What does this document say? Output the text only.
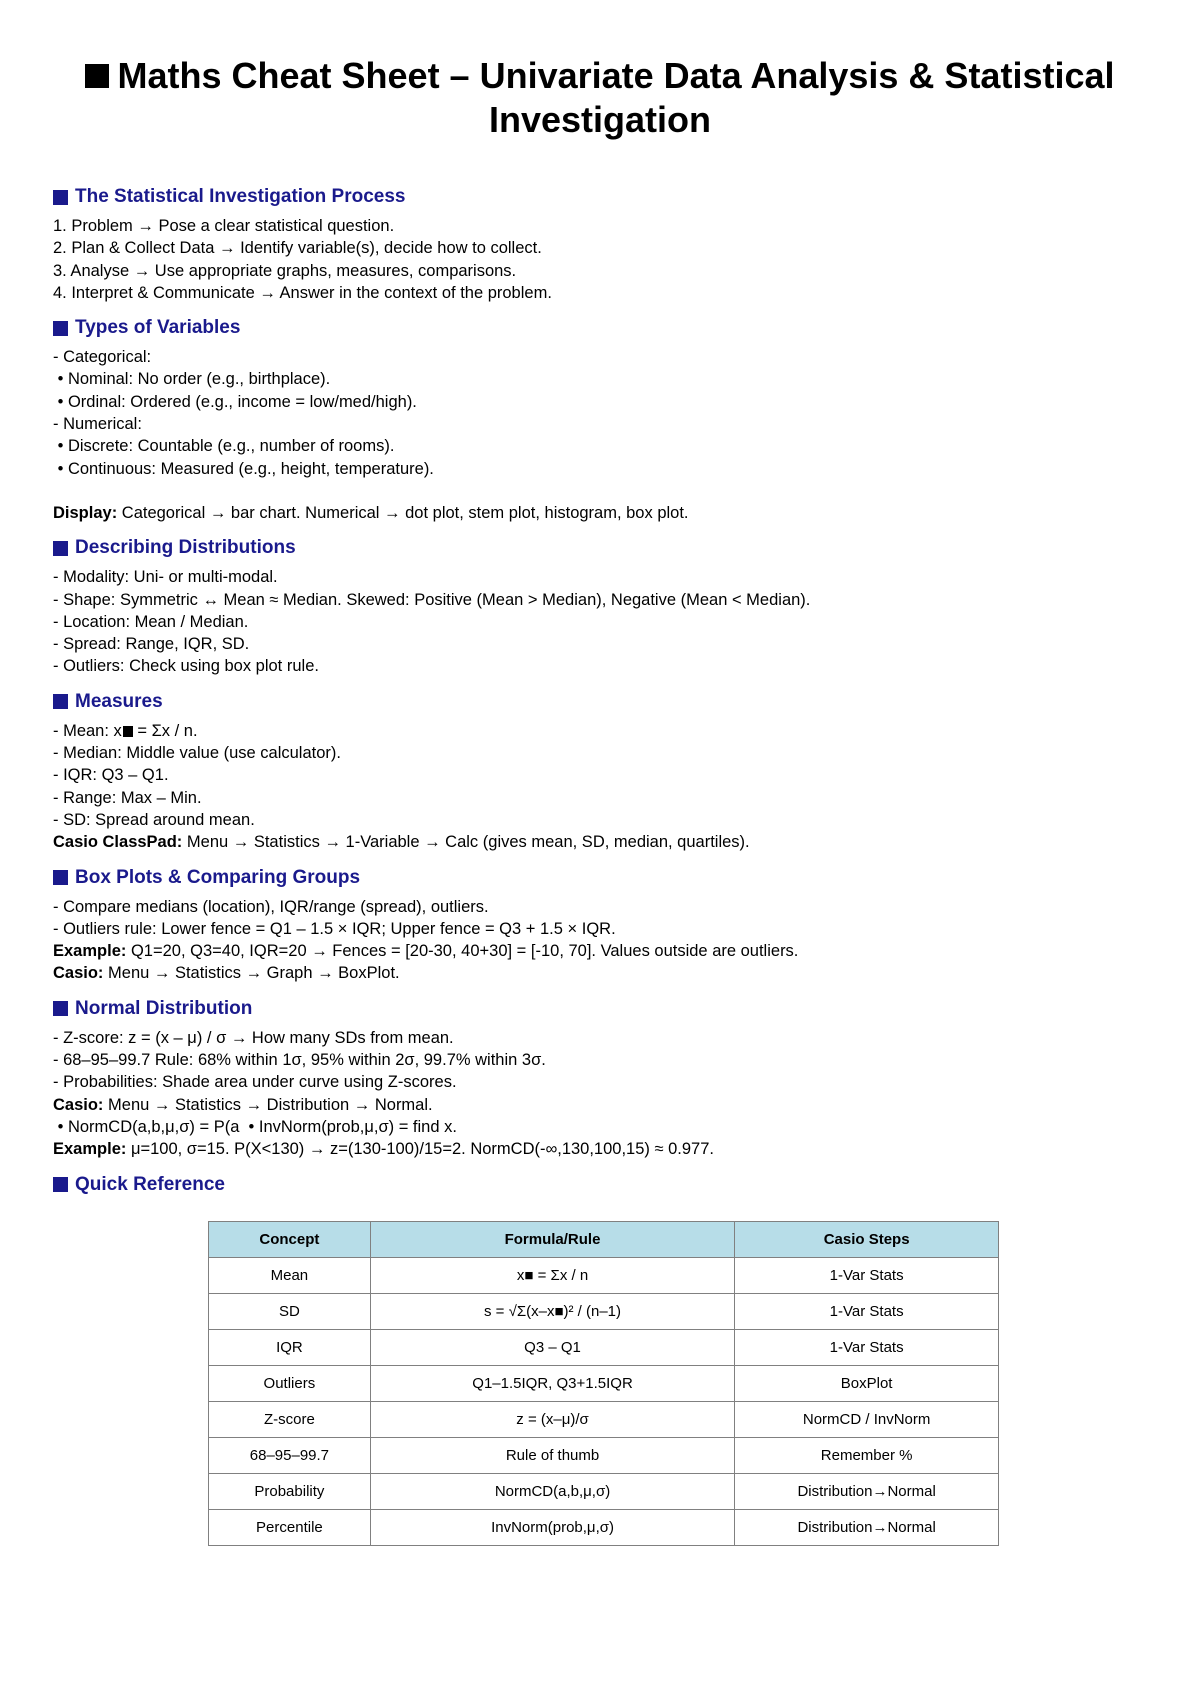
Maths Cheat Sheet – Univariate Data Analysis & Statistical Investigation
The Statistical Investigation Process
1. Problem → Pose a clear statistical question.
2. Plan & Collect Data → Identify variable(s), decide how to collect.
3. Analyse → Use appropriate graphs, measures, comparisons.
4. Interpret & Communicate → Answer in the context of the problem.
Types of Variables
- Categorical:
• Nominal: No order (e.g., birthplace).
• Ordinal: Ordered (e.g., income = low/med/high).
- Numerical:
• Discrete: Countable (e.g., number of rooms).
• Continuous: Measured (e.g., height, temperature).
Display: Categorical → bar chart. Numerical → dot plot, stem plot, histogram, box plot.
Describing Distributions
- Modality: Uni- or multi-modal.
- Shape: Symmetric ↔ Mean ≈ Median. Skewed: Positive (Mean > Median), Negative (Mean < Median).
- Location: Mean / Median.
- Spread: Range, IQR, SD.
- Outliers: Check using box plot rule.
Measures
- Mean: x = Σx / n.
- Median: Middle value (use calculator).
- IQR: Q3 – Q1.
- Range: Max – Min.
- SD: Spread around mean.
Casio ClassPad: Menu → Statistics → 1-Variable → Calc (gives mean, SD, median, quartiles).
Box Plots & Comparing Groups
- Compare medians (location), IQR/range (spread), outliers.
- Outliers rule: Lower fence = Q1 – 1.5 × IQR; Upper fence = Q3 + 1.5 × IQR.
Example: Q1=20, Q3=40, IQR=20 → Fences = [20-30, 40+30] = [-10, 70]. Values outside are outliers.
Casio: Menu → Statistics → Graph → BoxPlot.
Normal Distribution
- Z-score: z = (x – μ) / σ → How many SDs from mean.
- 68–95–99.7 Rule: 68% within 1σ, 95% within 2σ, 99.7% within 3σ.
- Probabilities: Shade area under curve using Z-scores.
Casio: Menu → Statistics → Distribution → Normal.
• NormCD(a,b,μ,σ) = P(a  • InvNorm(prob,μ,σ) = find x.
Example: μ=100, σ=15. P(X<130) → z=(130-100)/15=2. NormCD(-∞,130,100,15) ≈ 0.977.
Quick Reference
Concept	Formula/Rule	Casio Steps
Mean	x■ = Σx / n	1-Var Stats
SD	s = √Σ(x–x■)² / (n–1)	1-Var Stats
IQR	Q3 – Q1	1-Var Stats
Outliers	Q1–1.5IQR, Q3+1.5IQR	BoxPlot
Z-score	z = (x–μ)/σ	NormCD / InvNorm
68–95–99.7	Rule of thumb	Remember %
Probability	NormCD(a,b,μ,σ)	Distribution→Normal
Percentile	InvNorm(prob,μ,σ)	Distribution→Normal
